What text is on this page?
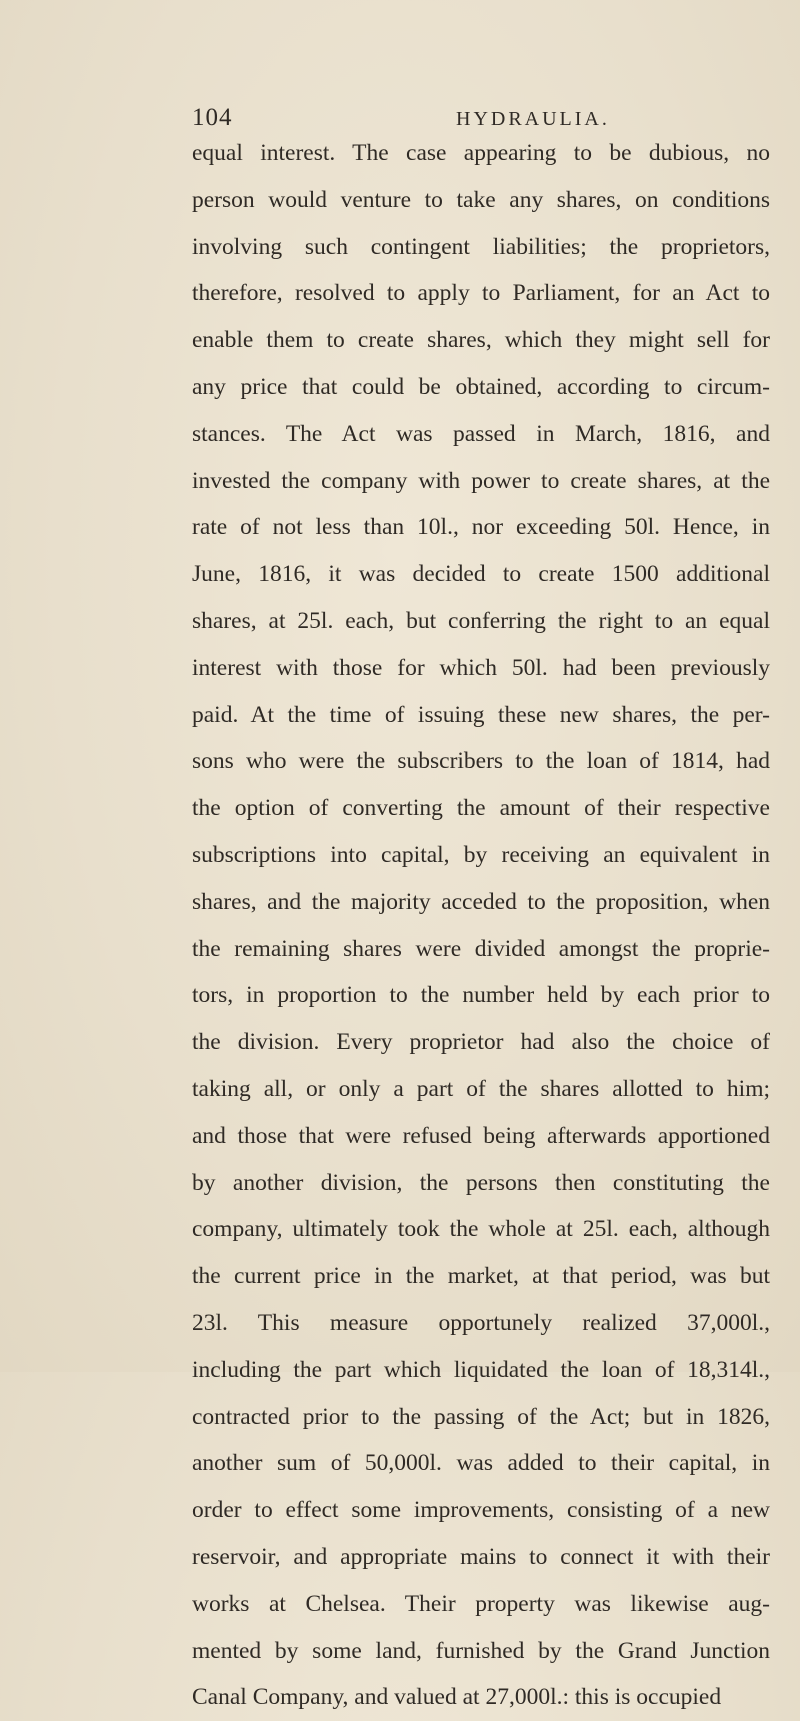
104	HYDRAULIA.
equal interest. The case appearing to be dubious, no
person would venture to take any shares, on conditions
involving such contingent liabilities; the proprietors,
therefore, resolved to apply to Parliament, for an Act to
enable them to create shares, which they might sell for
any price that could be obtained, according to circum-
stances. The Act was passed in March, 1816, and
invested the company with power to create shares, at the
rate of not less than 10l., nor exceeding 50l. Hence, in
June, 1816, it was decided to create 1500 additional
shares, at 25l. each, but conferring the right to an equal
interest with those for which 50l. had been previously
paid. At the time of issuing these new shares, the per-
sons who were the subscribers to the loan of 1814, had
the option of converting the amount of their respective
subscriptions into capital, by receiving an equivalent in
shares, and the majority acceded to the proposition, when
the remaining shares were divided amongst the proprie-
tors, in proportion to the number held by each prior to
the division. Every proprietor had also the choice of
taking all, or only a part of the shares allotted to him;
and those that were refused being afterwards apportioned
by another division, the persons then constituting the
company, ultimately took the whole at 25l. each, although
the current price in the market, at that period, was but
23l. This measure opportunely realized 37,000l.,
including the part which liquidated the loan of 18,314l.,
contracted prior to the passing of the Act; but in 1826,
another sum of 50,000l. was added to their capital, in
order to effect some improvements, consisting of a new
reservoir, and appropriate mains to connect it with their
works at Chelsea. Their property was likewise aug-
mented by some land, furnished by the Grand Junction
Canal Company, and valued at 27,000l.: this is occupied
